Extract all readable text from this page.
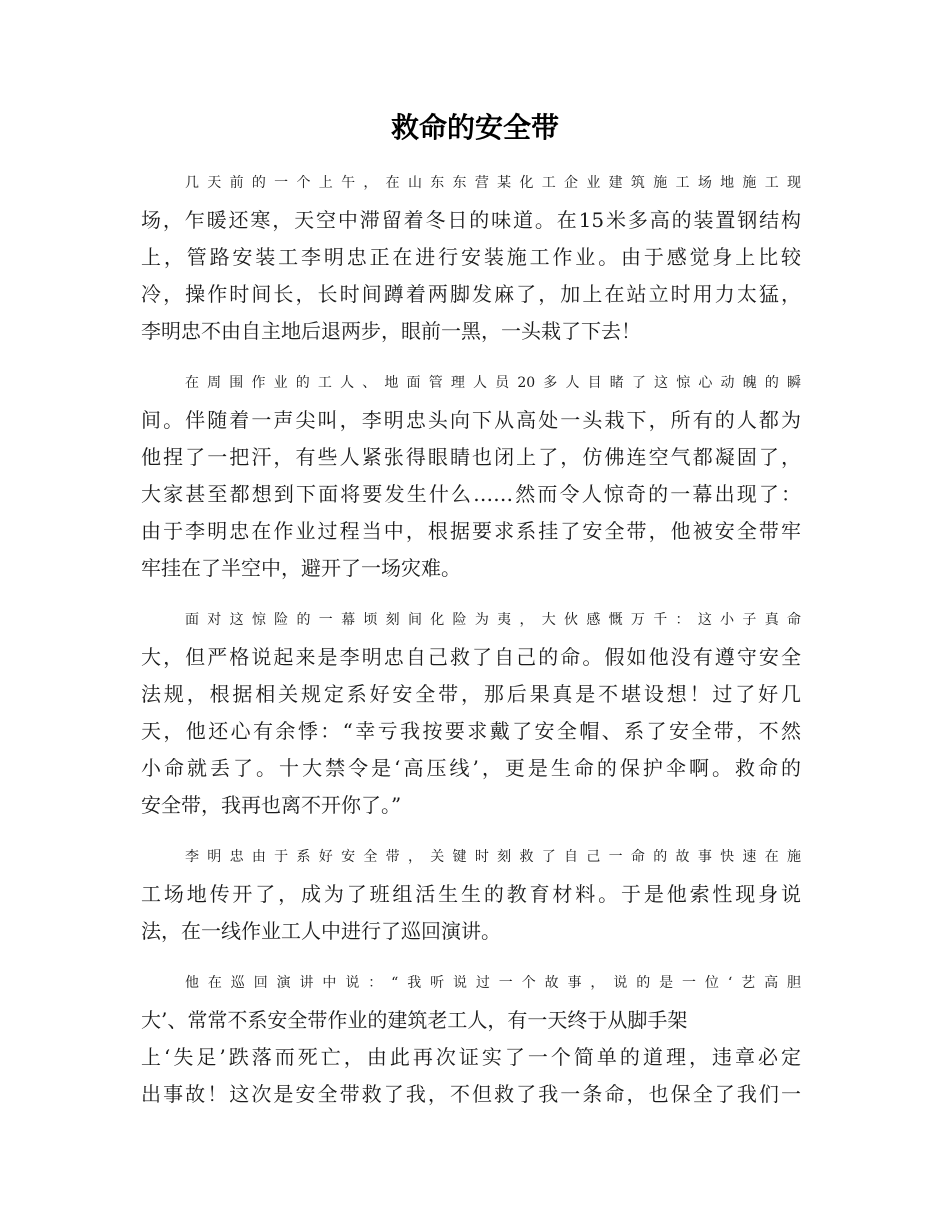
救命的安全带

几天前的一个上午，在山东东营某化工企业建筑施工场地施工现
场，乍暖还寒，天空中滞留着冬日的味道。在15米多高的装置钢结构
上，管路安装工李明忠正在进行安装施工作业。由于感觉身上比较
冷，操作时间长，长时间蹲着两脚发麻了，加上在站立时用力太猛，
李明忠不由自主地后退两步，眼前一黑，一头栽了下去！

在周围作业的工人、地面管理人员20多人目睹了这惊心动魄的瞬
间。伴随着一声尖叫，李明忠头向下从高处一头栽下，所有的人都为
他捏了一把汗，有些人紧张得眼睛也闭上了，仿佛连空气都凝固了，
大家甚至都想到下面将要发生什么……然而令人惊奇的一幕出现了：
由于李明忠在作业过程当中，根据要求系挂了安全带，他被安全带牢
牢挂在了半空中，避开了一场灾难。

面对这惊险的一幕顷刻间化险为夷，大伙感慨万千：这小子真命
大，但严格说起来是李明忠自己救了自己的命。假如他没有遵守安全
法规，根据相关规定系好安全带，那后果真是不堪设想！过了好几
天，他还心有余悸：“幸亏我按要求戴了安全帽、系了安全带，不然
小命就丢了。十大禁令是‘高压线’，更是生命的保护伞啊。救命的
安全带，我再也离不开你了。”

李明忠由于系好安全带，关键时刻救了自己一命的故事快速在施
工场地传开了，成为了班组活生生的教育材料。于是他索性现身说
法，在一线作业工人中进行了巡回演讲。

他在巡回演讲中说：“我听说过一个故事，说的是一位‘艺高胆
大’、常常不系安全带作业的建筑老工人，有一天终于从脚手架
上‘失足’跌落而死亡，由此再次证实了一个简单的道理，违章必定
出事故！这次是安全带救了我，不但救了我一条命，也保全了我们一
